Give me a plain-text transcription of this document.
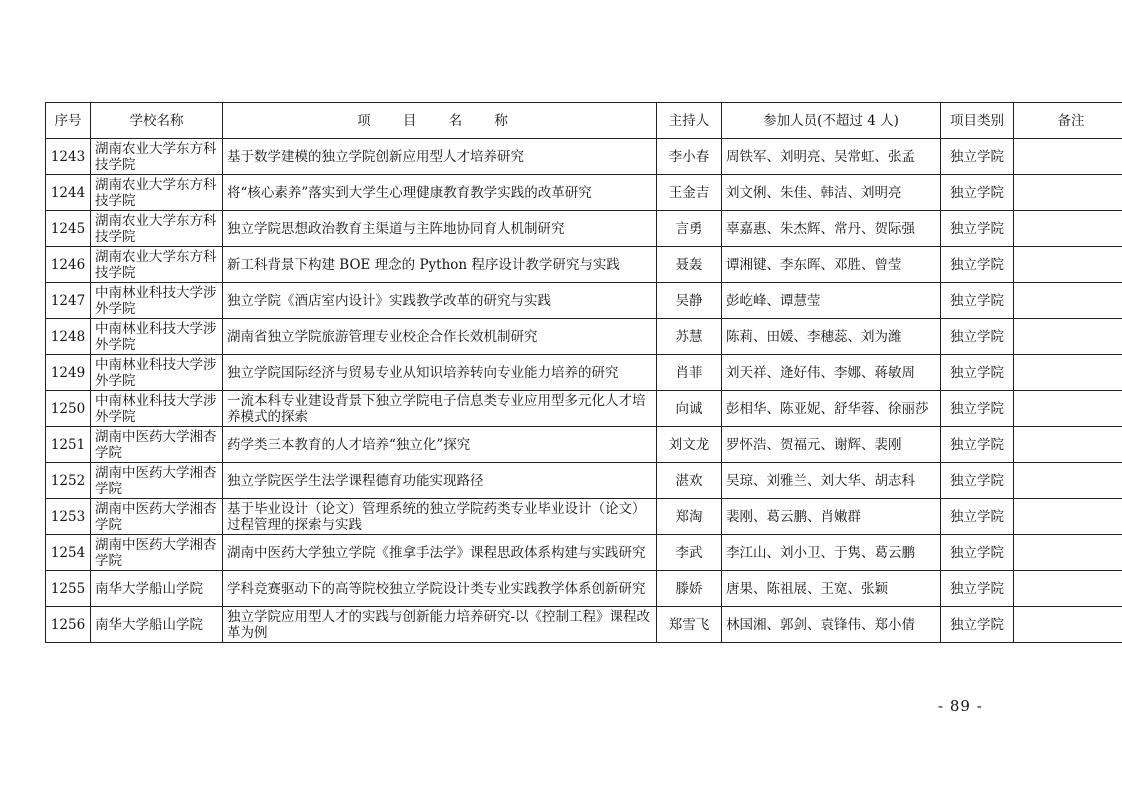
序号	学校名称	项 目 名 称	主持人	参加人员(不超过 4 人)	项目类别	备注
1243	湖南农业大学东方科技学院	基于数学建模的独立学院创新应用型人才培养研究	李小春	周铁军、刘明亮、吴常虹、张孟	独立学院	
1244	湖南农业大学东方科技学院	将“核心素养”落实到大学生心理健康教育教学实践的改革研究	王金吉	刘文俐、朱佳、韩洁、刘明亮	独立学院	
1245	湖南农业大学东方科技学院	独立学院思想政治教育主渠道与主阵地协同育人机制研究	言勇	辜嘉惠、朱杰辉、常丹、贺际强	独立学院	
1246	湖南农业大学东方科技学院	新工科背景下构建 BOE 理念的 Python 程序设计教学研究与实践	聂轰	谭湘键、李东晖、邓胜、曾莹	独立学院	
1247	中南林业科技大学涉外学院	独立学院《酒店室内设计》实践教学改革的研究与实践	吴静	彭屹峰、谭慧莹	独立学院	
1248	中南林业科技大学涉外学院	湖南省独立学院旅游管理专业校企合作长效机制研究	苏慧	陈莉、田媛、李穗蕊、刘为潍	独立学院	
1249	中南林业科技大学涉外学院	独立学院国际经济与贸易专业从知识培养转向专业能力培养的研究	肖菲	刘天祥、逄好伟、李娜、蒋敏周	独立学院	
1250	中南林业科技大学涉外学院	一流本科专业建设背景下独立学院电子信息类专业应用型多元化人才培养模式的探索	向诚	彭相华、陈亚妮、舒华蓉、徐丽莎	独立学院	
1251	湖南中医药大学湘杏学院	药学类三本教育的人才培养“独立化”探究	刘文龙	罗怀浩、贺福元、谢辉、裴刚	独立学院	
1252	湖南中医药大学湘杏学院	独立学院医学生法学课程德育功能实现路径	湛欢	吴琼、刘雅兰、刘大华、胡志科	独立学院	
1253	湖南中医药大学湘杏学院	基于毕业设计（论文）管理系统的独立学院药类专业毕业设计（论文）过程管理的探索与实践	郑淘	裴刚、葛云鹏、肖嫩群	独立学院	
1254	湖南中医药大学湘杏学院	湖南中医药大学独立学院《推拿手法学》课程思政体系构建与实践研究	李武	李江山、刘小卫、于隽、葛云鹏	独立学院	
1255	南华大学船山学院	学科竞赛驱动下的高等院校独立学院设计类专业实践教学体系创新研究	滕娇	唐果、陈祖展、王宽、张颖	独立学院	
1256	南华大学船山学院	独立学院应用型人才的实践与创新能力培养研究-以《控制工程》课程改革为例	郑雪飞	林国湘、郭剑、袁锋伟、郑小倩	独立学院	
- 89 -
